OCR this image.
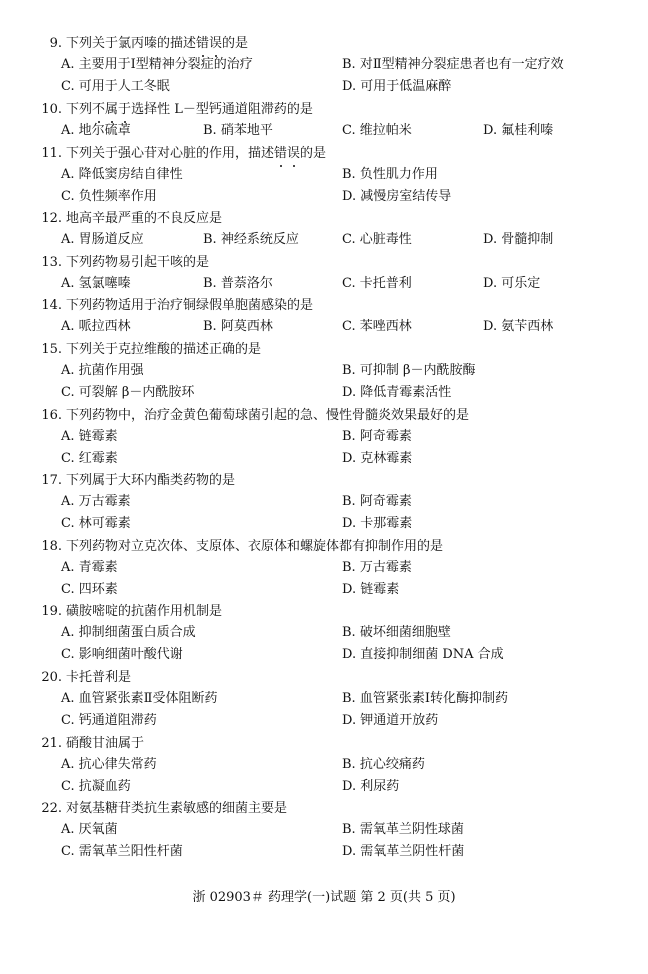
9. 下列关于氯丙嗪的描述错误的是
A. 主要用于Ⅰ型精神分裂症的治疗	B. 对Ⅱ型精神分裂症患者也有一定疗效
C. 可用于人工冬眠	D. 可用于低温麻醉
10. 下列不属于选择性 L－型钙通道阻滞药的是
A. 地尔硫䓬	B. 硝苯地平	C. 维拉帕米	D. 氟桂利嗪
11. 下列关于强心苷对心脏的作用，描述错误的是
A. 降低窦房结自律性	B. 负性肌力作用
C. 负性频率作用	D. 减慢房室结传导
12. 地高辛最严重的不良反应是
A. 胃肠道反应	B. 神经系统反应	C. 心脏毒性	D. 骨髓抑制
13. 下列药物易引起干咳的是
A. 氢氯噻嗪	B. 普萘洛尔	C. 卡托普利	D. 可乐定
14. 下列药物适用于治疗铜绿假单胞菌感染的是
A. 哌拉西林	B. 阿莫西林	C. 苯唑西林	D. 氨苄西林
15. 下列关于克拉维酸的描述正确的是
A. 抗菌作用强	B. 可抑制 β－内酰胺酶
C. 可裂解 β－内酰胺环	D. 降低青霉素活性
16. 下列药物中，治疗金黄色葡萄球菌引起的急、慢性骨髓炎效果最好的是
A. 链霉素	B. 阿奇霉素
C. 红霉素	D. 克林霉素
17. 下列属于大环内酯类药物的是
A. 万古霉素	B. 阿奇霉素
C. 林可霉素	D. 卡那霉素
18. 下列药物对立克次体、支原体、衣原体和螺旋体都有抑制作用的是
A. 青霉素	B. 万古霉素
C. 四环素	D. 链霉素
19. 磺胺嘧啶的抗菌作用机制是
A. 抑制细菌蛋白质合成	B. 破坏细菌细胞壁
C. 影响细菌叶酸代谢	D. 直接抑制细菌 DNA 合成
20. 卡托普利是
A. 血管紧张素Ⅱ受体阻断药	B. 血管紧张素Ⅰ转化酶抑制药
C. 钙通道阻滞药	D. 钾通道开放药
21. 硝酸甘油属于
A. 抗心律失常药	B. 抗心绞痛药
C. 抗凝血药	D. 利尿药
22. 对氨基糖苷类抗生素敏感的细菌主要是
A. 厌氧菌	B. 需氧革兰阴性球菌
C. 需氧革兰阳性杆菌	D. 需氧革兰阴性杆菌
浙 02903＃ 药理学(一)试题 第 2 页(共 5 页)
